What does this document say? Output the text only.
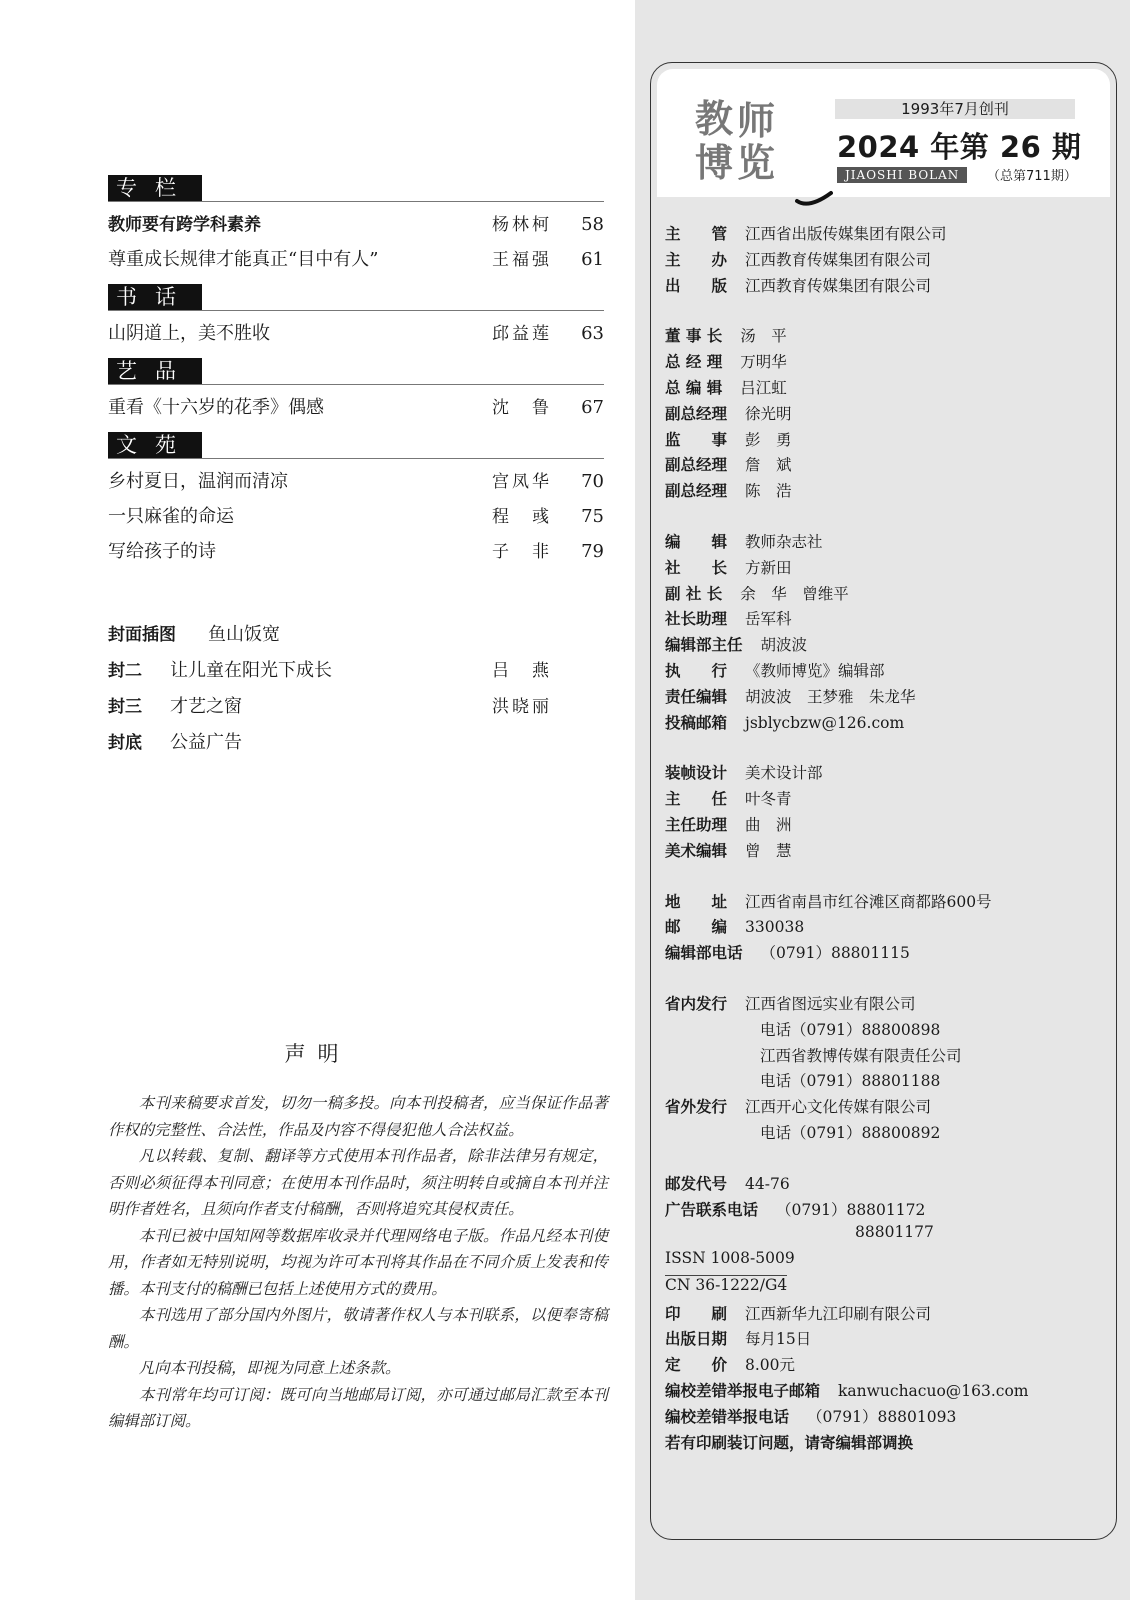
专栏
教师要有跨学科素养	杨林柯	58
尊重成长规律才能真正“目中有人”	王福强	61
书话
山阴道上，美不胜收	邱益莲	63
艺品
重看《十六岁的花季》偶感	沈　鲁	67
文苑
乡村夏日，温润而清凉	宫凤华	70
一只麻雀的命运	程　彧	75
写给孩子的诗	子　非	79
封面插图	鱼山饭宽
封二	让儿童在阳光下成长	吕　燕
封三	才艺之窗	洪晓丽
封底	公益广告
声明

本刊来稿要求首发，切勿一稿多投。向本刊投稿者，应当保证作品著作权的完整性、合法性，作品及内容不得侵犯他人合法权益。

凡以转载、复制、翻译等方式使用本刊作品者，除非法律另有规定，否则必须征得本刊同意；在使用本刊作品时，须注明转自或摘自本刊并注明作者姓名，且须向作者支付稿酬，否则将追究其侵权责任。

本刊已被中国知网等数据库收录并代理网络电子版。作品凡经本刊使用，作者如无特别说明，均视为许可本刊将其作品在不同介质上发表和传播。本刊支付的稿酬已包括上述使用方式的费用。

本刊选用了部分国内外图片，敬请著作权人与本刊联系，以便奉寄稿酬。

凡向本刊投稿，即视为同意上述条款。

本刊常年均可订阅：既可向当地邮局订阅，亦可通过邮局汇款至本刊编辑部订阅。

教 师
博 览
1993年7月创刊
2024 年第 26 期
JIAOSHI BOLAN	（总第711期）
主　　管 江西省出版传媒集团有限公司
主　　办 江西教育传媒集团有限公司
出　　版 江西教育传媒集团有限公司
董 事 长 汤　平
总 经 理 万明华
总 编 辑 吕江虹
副总经理 徐光明
监　　事 彭　勇
副总经理 詹　斌
副总经理 陈　浩
编　　辑 教师杂志社
社　　长 方新田
副 社 长 余　华　曾维平
社长助理 岳军科
编辑部主任 胡波波
执　　行 《教师博览》编辑部
责任编辑 胡波波　王梦雅　朱龙华
投稿邮箱 jsblycbzw@126.com
装帧设计 美术设计部
主　　任 叶冬青
主任助理 曲　洲
美术编辑 曾　慧
地　　址 江西省南昌市红谷滩区商都路600号
邮　　编 330038
编辑部电话 （0791）88801115
省内发行 江西省图远实业有限公司
电话（0791）88800898
江西省教博传媒有限责任公司
电话（0791）88801188
省外发行 江西开心文化传媒有限公司
电话（0791）88800892
邮发代号 44-76
广告联系电话 （0791）88801172
88801177
ISSN 1008-5009
CN 36-1222/G4
印　　刷 江西新华九江印刷有限公司
出版日期 每月15日
定　　价 8.00元
编校差错举报电子邮箱 kanwuchacuo@163.com
编校差错举报电话 （0791）88801093
若有印刷装订问题，请寄编辑部调换
